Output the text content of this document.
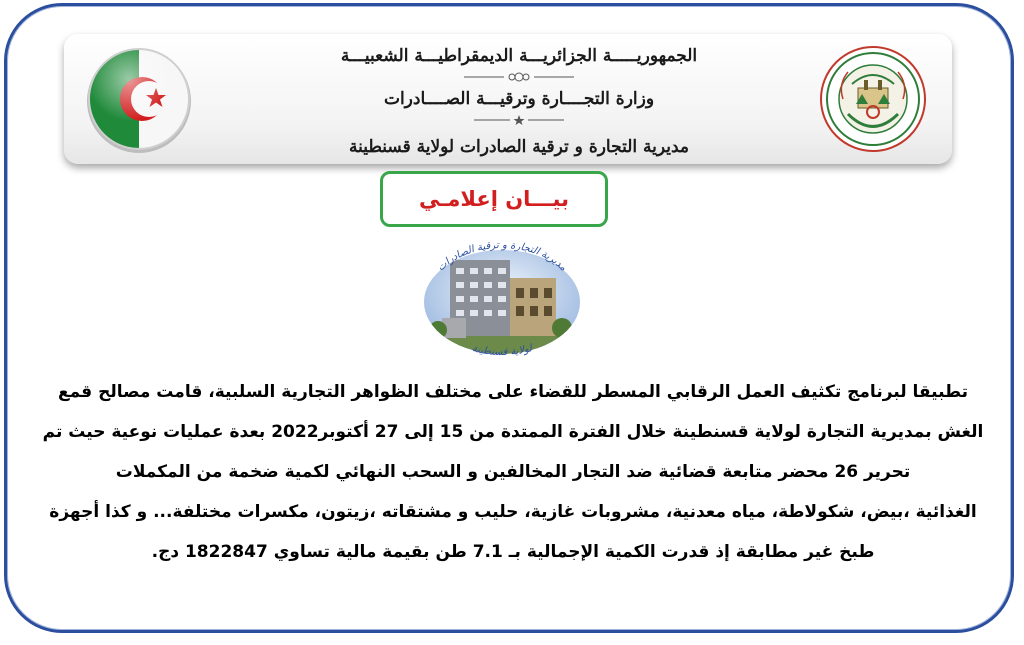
الجمهوريـــــة الجزائريـــة الديمقراطيـــة الشعبيـــة
وزارة التجــــارة وترقيـــة الصــــادرات
مديرية التجارة و ترقية الصادرات لولاية قسنطينة
بيـــان إعلامـي
مديرية التجارة و ترقية الصادرات
لولاية قسنطينة
تطبيقا لبرنامج تكثيف العمل الرقابي المسطر للقضاء على مختلف الظواهر التجارية السلبية، قامت مصالح قمع
الغش بمديرية التجارة لولاية قسنطينة خلال الفترة الممتدة من 15 إلى 27 أكتوبر2022 بعدة عمليات نوعية حيث تم
تحرير 26 محضر متابعة قضائية ضد التجار المخالفين و السحب النهائي لكمية ضخمة من المكملات
الغذائية ،بيض، شكولاطة، مياه معدنية، مشروبات غازية، حليب و مشتقاته ،زيتون، مكسرات مختلفة... و كذا أجهزة
طبخ غير مطابقة إذ قدرت الكمية الإجمالية بـ 7.1 طن بقيمة مالية تساوي 1822847 دج.
